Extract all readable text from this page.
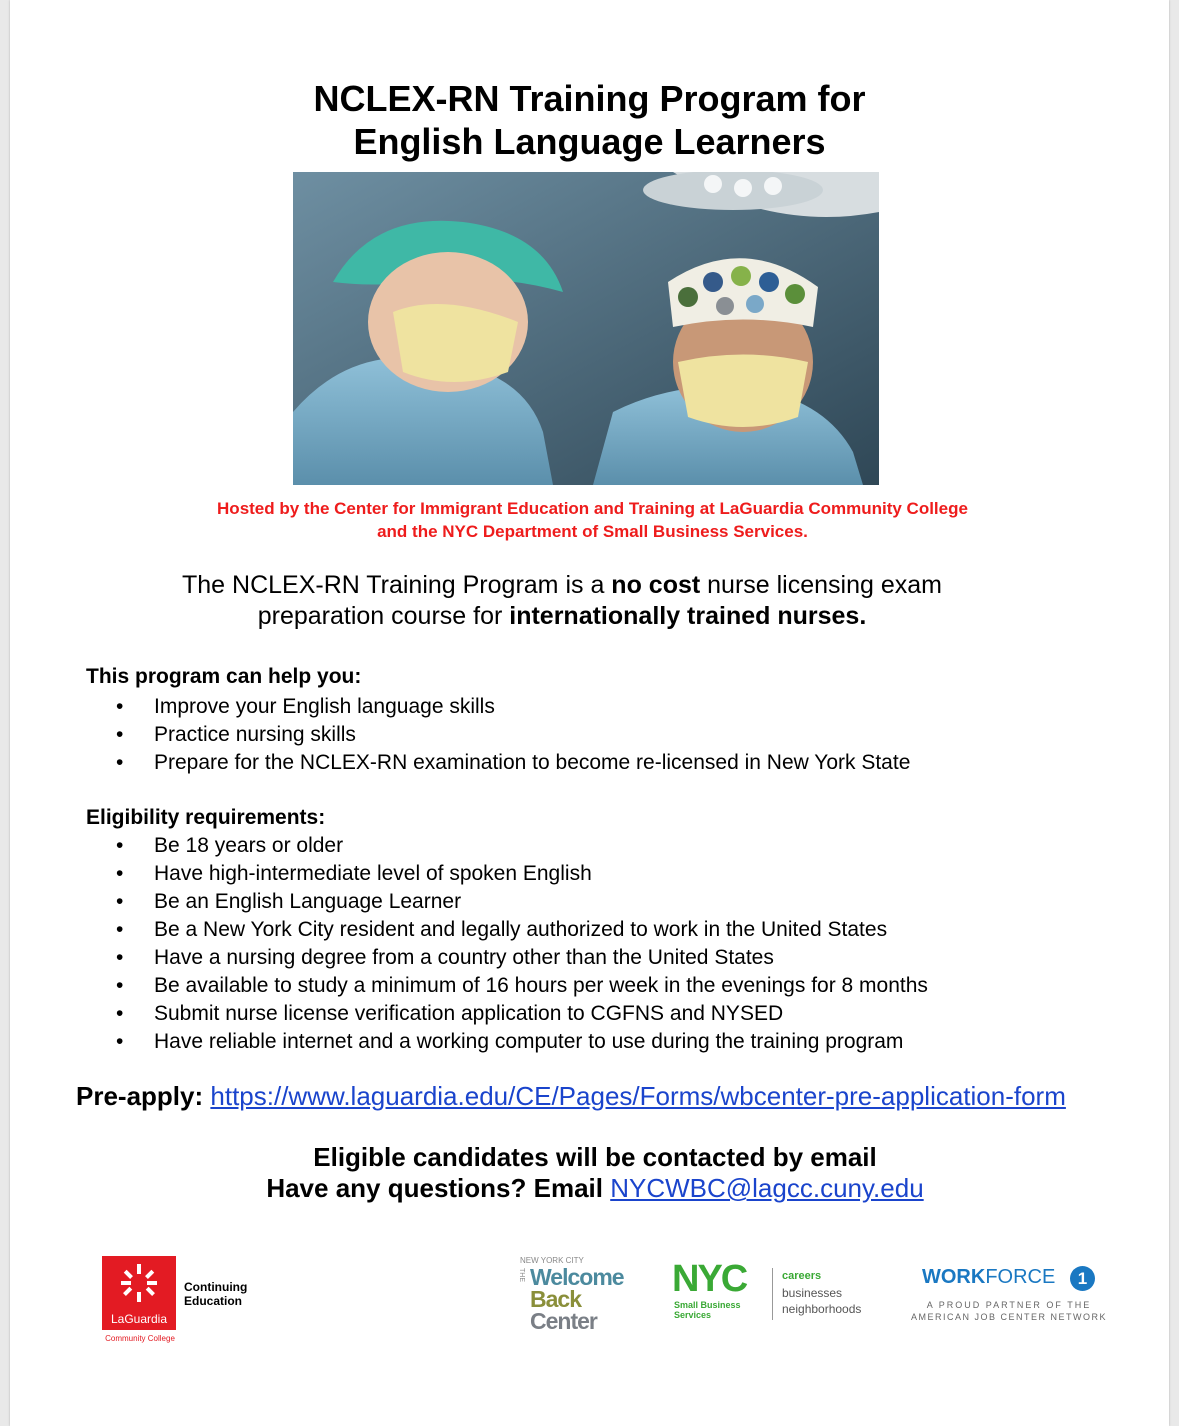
NCLEX-RN Training Program for
English Language Learners
Hosted by the Center for Immigrant Education and Training at LaGuardia Community College
and the NYC Department of Small Business Services.
The NCLEX-RN Training Program is a no cost nurse licensing exam
preparation course for internationally trained nurses.
This program can help you:
• Improve your English language skills
• Practice nursing skills
• Prepare for the NCLEX-RN examination to become re-licensed in New York State
Eligibility requirements:
• Be 18 years or older
• Have high-intermediate level of spoken English
• Be an English Language Learner
• Be a New York City resident and legally authorized to work in the United States
• Have a nursing degree from a country other than the United States
• Be available to study a minimum of 16 hours per week in the evenings for 8 months
• Submit nurse license verification application to CGFNS and NYSED
• Have reliable internet and a working computer to use during the training program
Pre-apply: https://www.laguardia.edu/CE/Pages/Forms/wbcenter-pre-application-form
Eligible candidates will be contacted by email
Have any questions? Email NYCWBC@lagcc.cuny.edu
LaGuardia
Community College
Continuing
Education
NEW YORK CITY
THE Welcome
Back
Center
NYC
Small Business
Services
careers
businesses
neighborhoods
WORKFORCE	1
A PROUD PARTNER OF THE
AMERICAN JOB CENTER NETWORK
